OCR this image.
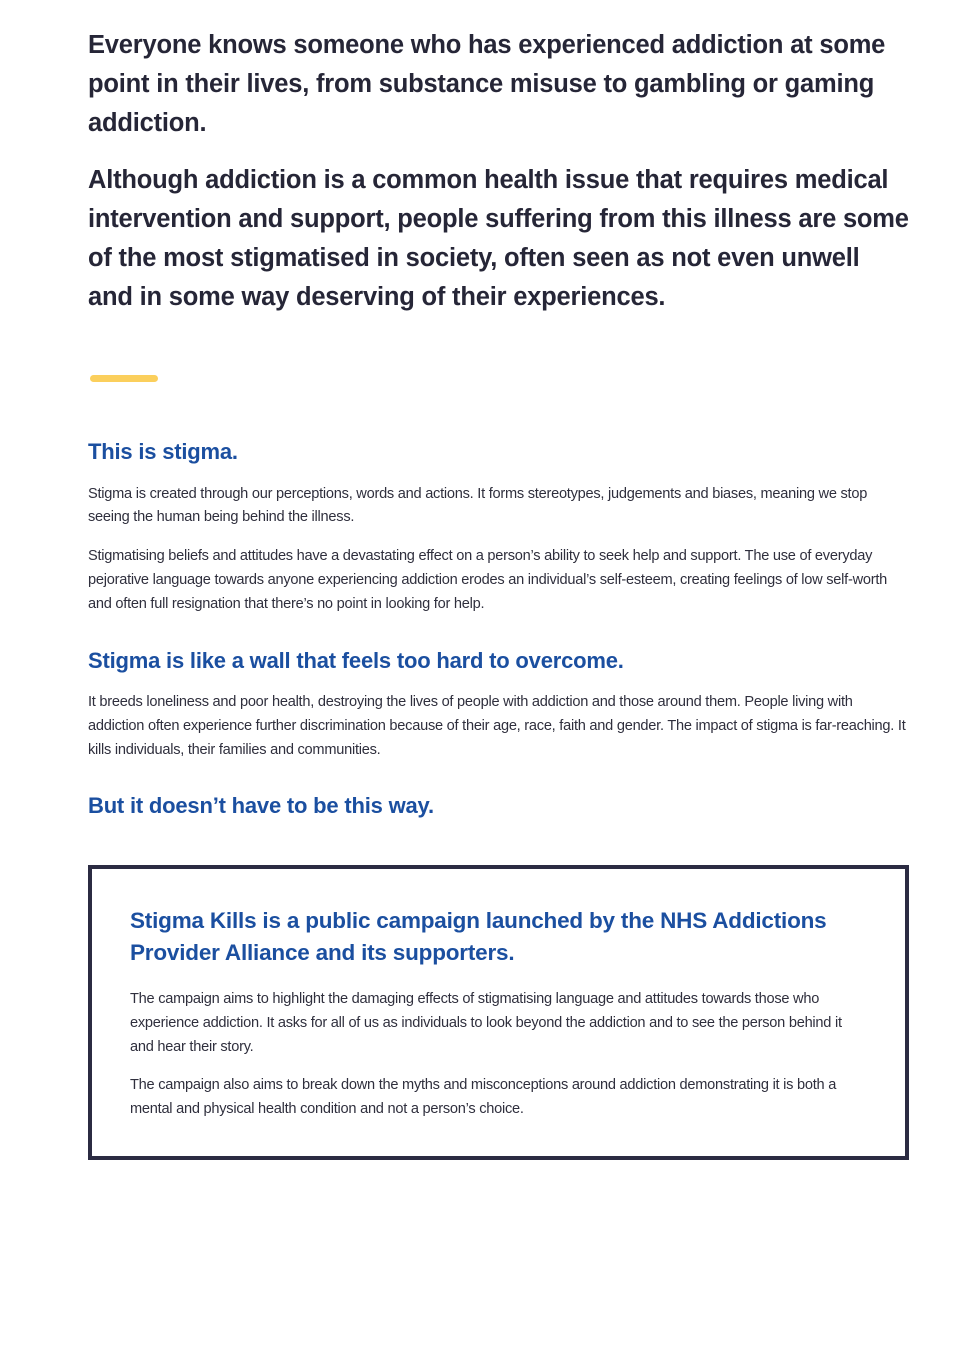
Everyone knows someone who has experienced addiction at some point in their lives, from substance misuse to gambling or gaming addiction.

Although addiction is a common health issue that requires medical intervention and support, people suffering from this illness are some of the most stigmatised in society, often seen as not even unwell and in some way deserving of their experiences.

This is stigma.

Stigma is created through our perceptions, words and actions. It forms stereotypes, judgements and biases, meaning we stop seeing the human being behind the illness.

Stigmatising beliefs and attitudes have a devastating effect on a person’s ability to seek help and support. The use of everyday pejorative language towards anyone experiencing addiction erodes an individual’s self-esteem, creating feelings of low self-worth and often full resignation that there’s no point in looking for help.

Stigma is like a wall that feels too hard to overcome.

It breeds loneliness and poor health, destroying the lives of people with addiction and those around them. People living with addiction often experience further discrimination because of their age, race, faith and gender. The impact of stigma is far-reaching. It kills individuals, their families and communities.

But it doesn’t have to be this way.
Stigma Kills is a public campaign launched by the NHS Addictions Provider Alliance and its supporters.

The campaign aims to highlight the damaging effects of stigmatising language and attitudes towards those who experience addiction. It asks for all of us as individuals to look beyond the addiction and to see the person behind it and hear their story.

The campaign also aims to break down the myths and misconceptions around addiction demonstrating it is both a mental and physical health condition and not a person’s choice.
